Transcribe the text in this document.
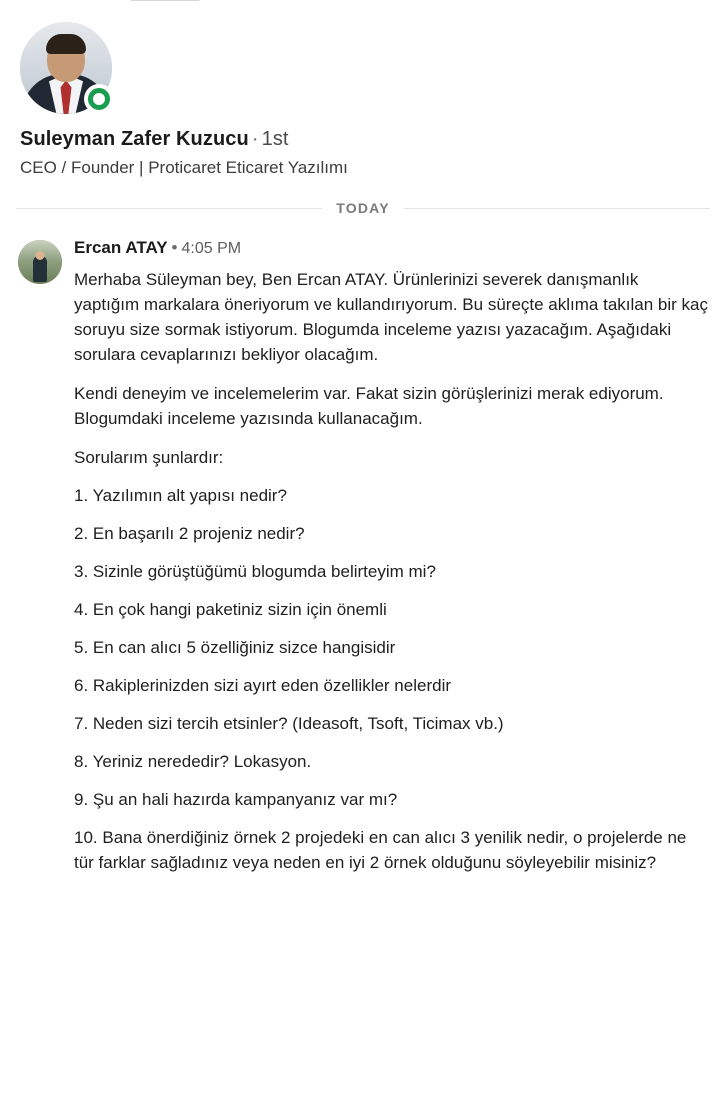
Suleyman Zafer Kuzucu · 1st
CEO / Founder | Proticaret Eticaret Yazılımı
TODAY
Ercan ATAY • 4:05 PM
Merhaba Süleyman bey, Ben Ercan ATAY. Ürünlerinizi severek danışmanlık yaptığım markalara öneriyorum ve kullandırıyorum. Bu süreçte aklıma takılan bir kaç soruyu size sormak istiyorum. Blogumda inceleme yazısı yazacağım. Aşağıdaki sorulara cevaplarınızı bekliyor olacağım.
Kendi deneyim ve incelemelerim var. Fakat sizin görüşlerinizi merak ediyorum. Blogumdaki inceleme yazısında kullanacağım.
Sorularım şunlardır:
1. Yazılımın alt yapısı nedir?
2. En başarılı 2 projeniz nedir?
3. Sizinle görüştüğümü blogumda belirteyim mi?
4. En çok hangi paketiniz sizin için önemli
5. En can alıcı 5 özelliğiniz sizce hangisidir
6. Rakiplerinizden sizi ayırt eden özellikler nelerdir
7. Neden sizi tercih etsinler? (Ideasoft, Tsoft, Ticimax vb.)
8. Yeriniz nerededir? Lokasyon.
9. Şu an hali hazırda kampanyanız var mı?
10. Bana önerdiğiniz örnek 2 projedeki en can alıcı 3 yenilik nedir, o projelerde ne tür farklar sağladınız veya neden en iyi 2 örnek olduğunu söyleyebilir misiniz?
